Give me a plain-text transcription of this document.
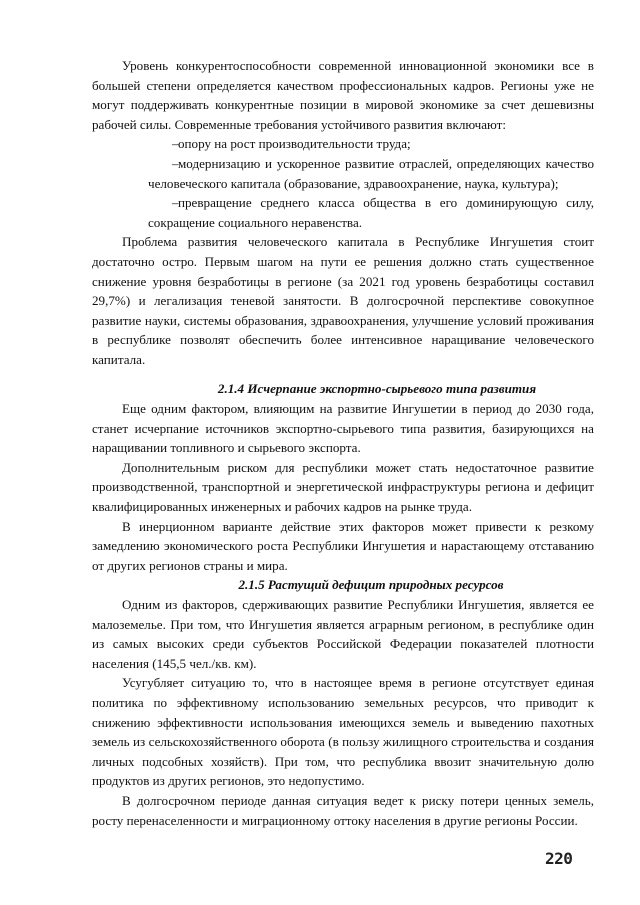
Уровень конкурентоспособности современной инновационной экономики все в большей степени определяется качеством профессиональных кадров. Регионы уже не могут поддерживать конкурентные позиции в мировой экономике за счет дешевизны рабочей силы. Современные требования устойчивого развития включают:

– опору на рост производительности труда;
– модернизацию и ускоренное развитие отраслей, определяющих качество человеческого капитала (образование, здравоохранение, наука, культура);
– превращение среднего класса общества в его доминирующую силу, сокращение социального неравенства.

Проблема развития человеческого капитала в Республике Ингушетия стоит достаточно остро. Первым шагом на пути ее решения должно стать существенное снижение уровня безработицы в регионе (за 2021 год уровень безработицы составил 29,7%) и легализация теневой занятости. В долгосрочной перспективе совокупное развитие науки, системы образования, здравоохранения, улучшение условий проживания в республике позволят обеспечить более интенсивное наращивание человеческого капитала.

2.1.4 Исчерпание экспортно-сырьевого типа развития

Еще одним фактором, влияющим на развитие Ингушетии в период до 2030 года, станет исчерпание источников экспортно-сырьевого типа развития, базирующихся на наращивании топливного и сырьевого экспорта.

Дополнительным риском для республики может стать недостаточное развитие производственной, транспортной и энергетической инфраструктуры региона и дефицит квалифицированных инженерных и рабочих кадров на рынке труда.

В инерционном варианте действие этих факторов может привести к резкому замедлению экономического роста Республики Ингушетия и нарастающему отставанию от других регионов страны и мира.

2.1.5 Растущий дефицит природных ресурсов

Одним из факторов, сдерживающих развитие Республики Ингушетия, является ее малоземелье. При том, что Ингушетия является аграрным регионом, в республике один из самых высоких среди субъектов Российской Федерации показателей плотности населения (145,5 чел./кв. км).

Усугубляет ситуацию то, что в настоящее время в регионе отсутствует единая политика по эффективному использованию земельных ресурсов, что приводит к снижению эффективности использования имеющихся земель и выведению пахотных земель из сельскохозяйственного оборота (в пользу жилищного строительства и создания личных подсобных хозяйств). При том, что республика ввозит значительную долю продуктов из других регионов, это недопустимо.

В долгосрочном периоде данная ситуация ведет к риску потери ценных земель, росту перенаселенности и миграционному оттоку населения в другие регионы России.

220
